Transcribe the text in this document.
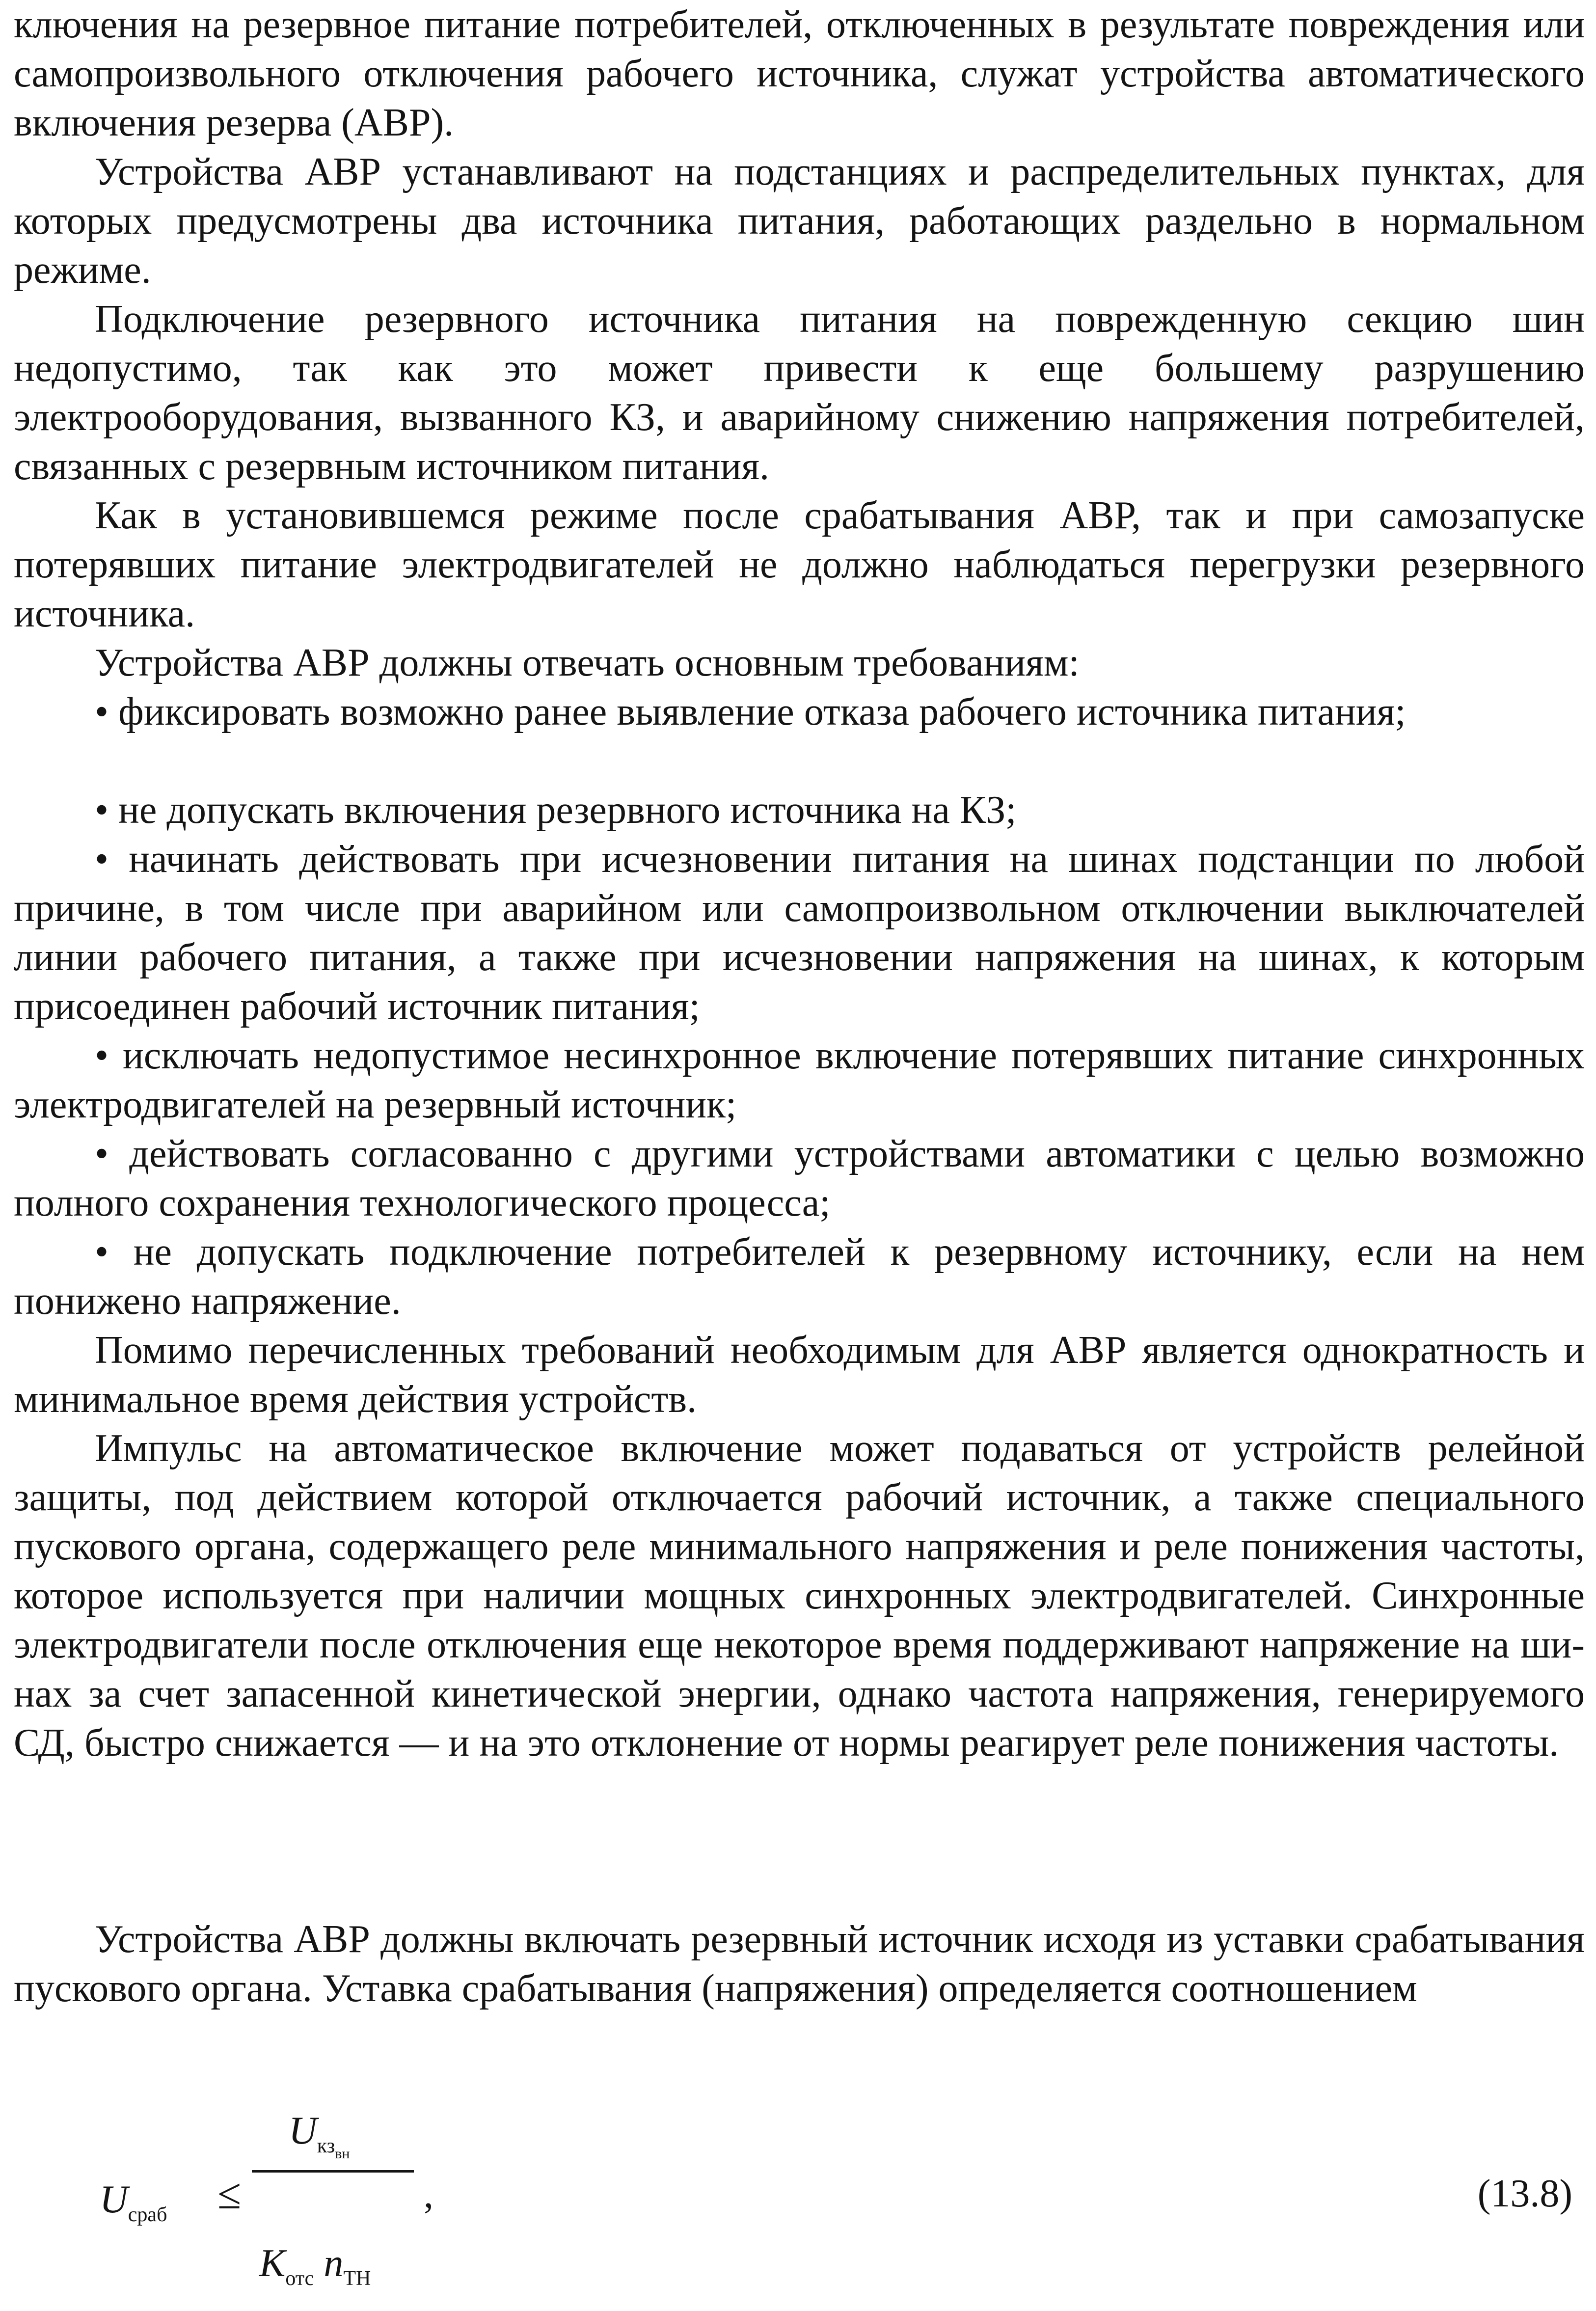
ключения на резервное питание потребителей, отключенных в результате повреждения или самопроизвольного отключения рабочего источника, служат устройства автоматического включения резерва (АВР).

Устройства АВР устанавливают на подстанциях и распределительных пунктах, для которых предусмотрены два источника питания, работающих раздельно в нормальном режиме.

Подключение резервного источника питания на поврежденную секцию шин недопустимо, так как это может привести к еще большему разрушению электрооборудования, вызванного КЗ, и аварийному снижению напряжения потребителей, связанных с резервным источником питания.

Как в установившемся режиме после срабатывания АВР, так и при самозапуске потерявших питание электродвигателей не должно наблюдаться перегрузки резервного источника.

Устройства АВР должны отвечать основным требованиям:

• фиксировать возможно ранее выявление отказа рабочего источника питания;

• не допускать включения резервного источника на КЗ;

• начинать действовать при исчезновении питания на шинах подстанции по любой причине, в том числе при аварийном или самопроизвольном отключении выключателей линии рабочего питания, а также при исчезновении напряжения на шинах, к которым присоединен рабочий источник питания;

• исключать недопустимое несинхронное включение потерявших питание синхронных электродвигателей на резервный источник;

• действовать согласованно с другими устройствами автоматики с целью возможно полного сохранения технологического процесса;

• не допускать подключение потребителей к резервному источнику, если на нем понижено напряжение.

Помимо перечисленных требований необходимым для АВР является однократность и минимальное время действия устройств.

Импульс на автоматическое включение может подаваться от устройств релейной защиты, под действием которой отключается рабочий источник, а также специального пускового органа, содержащего реле минимального напряжения и реле понижения частоты, которое используется при наличии мощных синхронных электродвигателей. Синхронные электродвигатели после отключения еще некоторое время поддерживают напряжение на шинах за счет запасенной кинетической энергии, однако частота напряжения, генерируемого СД, быстро снижается — и на это отклонение от нормы реагирует реле понижения частоты.

Устройства АВР должны включать резервный источник исходя из уставки срабатывания пускового органа. Уставка срабатывания (напряжения) определяется соотношением

$U_{сраб}$ ≤
$U_{кзвн}$
$K_{отс}$ $n_{ТН}$
,	(13.8)
